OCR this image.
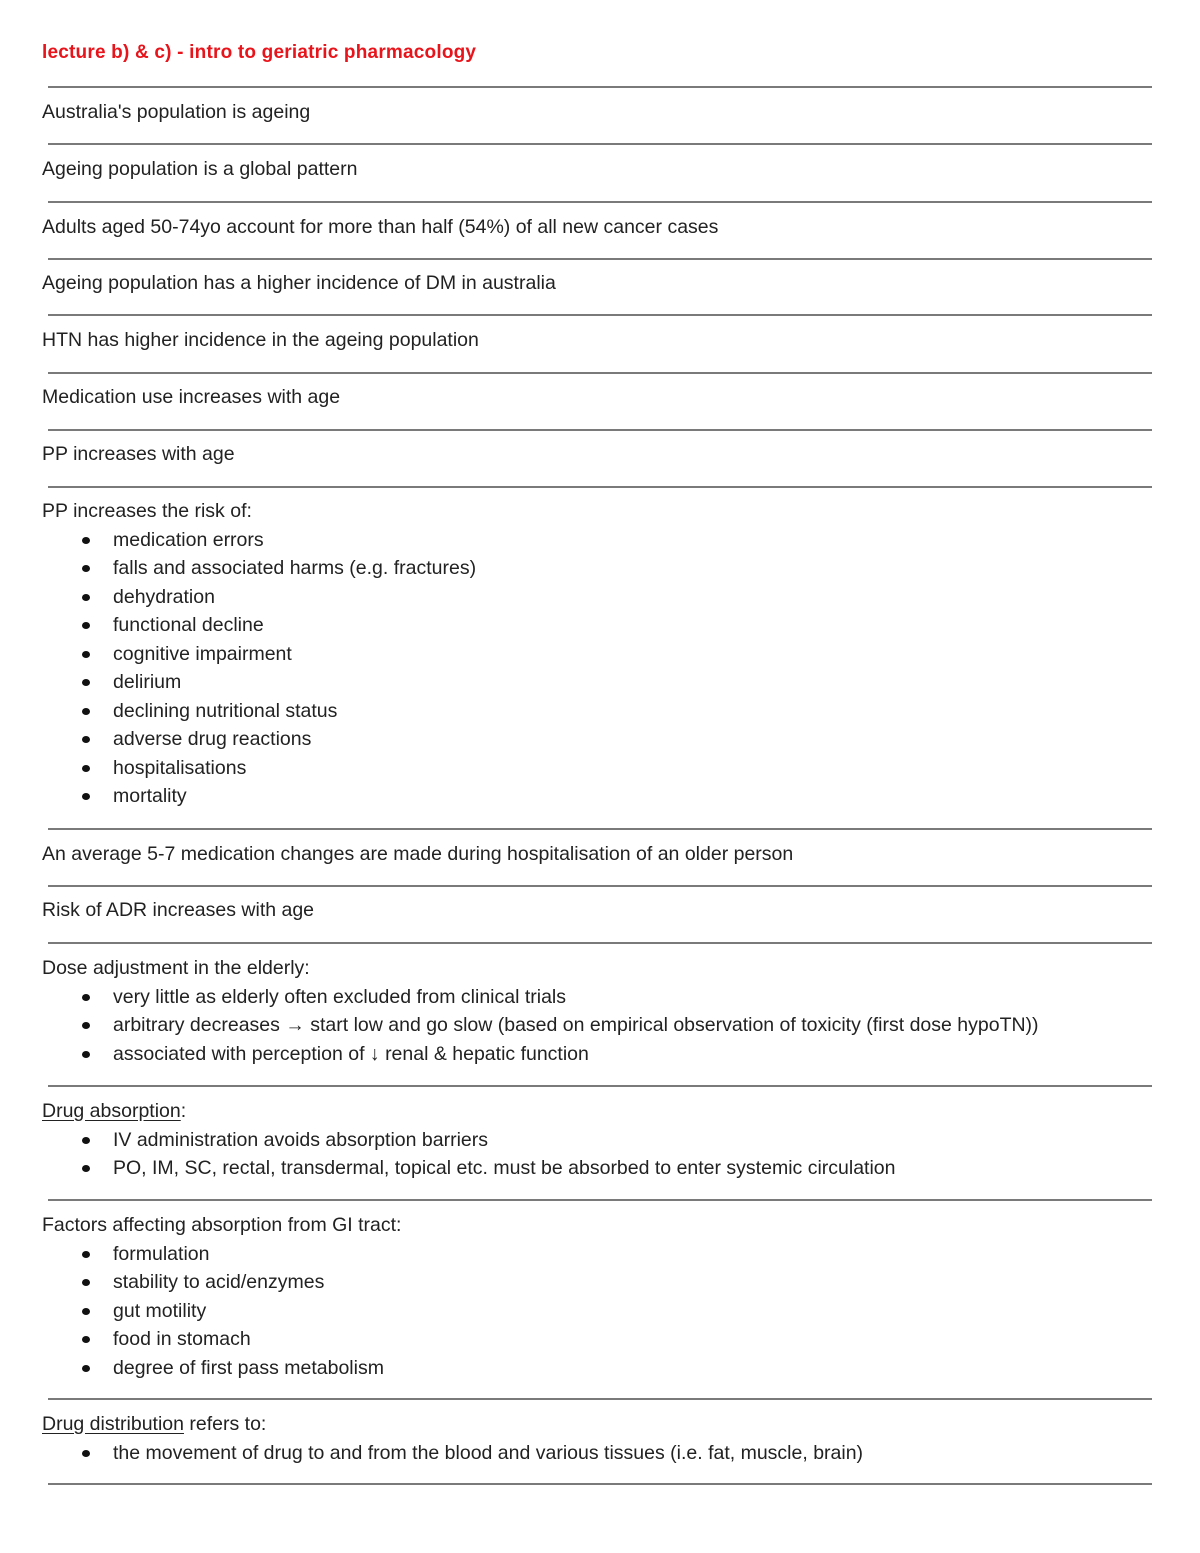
lecture b) & c) - intro to geriatric pharmacology
Australia's population is ageing
Ageing population is a global pattern
Adults aged 50-74yo account for more than half (54%) of all new cancer cases
Ageing population has a higher incidence of DM in australia
HTN has higher incidence in the ageing population
Medication use increases with age
PP increases with age
PP increases the risk of:
medication errors
falls and associated harms (e.g. fractures)
dehydration
functional decline
cognitive impairment
delirium
declining nutritional status
adverse drug reactions
hospitalisations
mortality
An average 5-7 medication changes are made during hospitalisation of an older person
Risk of ADR increases with age
Dose adjustment in the elderly:
very little as elderly often excluded from clinical trials
arbitrary decreases → start low and go slow (based on empirical observation of toxicity (first dose hypoTN))
associated with perception of ↓ renal & hepatic function
Drug absorption:
IV administration avoids absorption barriers
PO, IM, SC, rectal, transdermal, topical etc. must be absorbed to enter systemic circulation
Factors affecting absorption from GI tract:
formulation
stability to acid/enzymes
gut motility
food in stomach
degree of first pass metabolism
Drug distribution refers to:
the movement of drug to and from the blood and various tissues (i.e. fat, muscle, brain)
